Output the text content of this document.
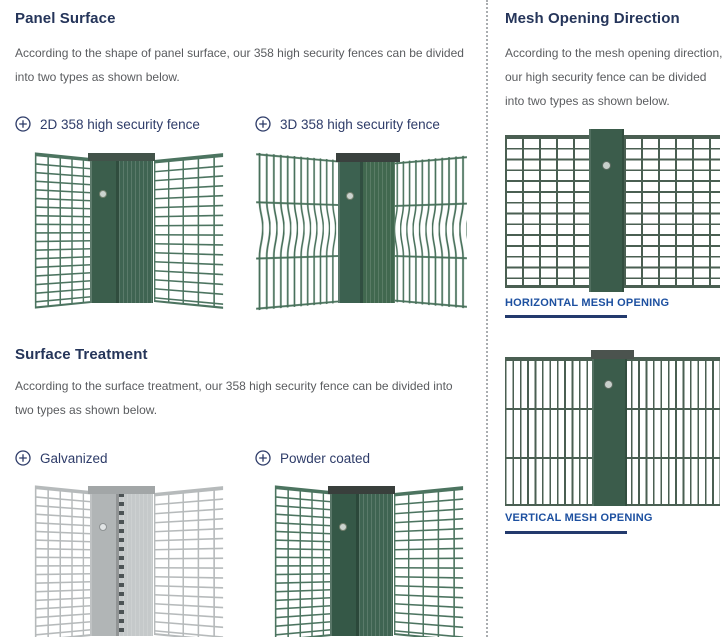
Panel Surface

According to the shape of panel surface, our 358 high security fences can be divided into two types as shown below.

2D 358 high security fence	3D 358 high security fence
Surface Treatment

According to the surface treatment, our 358 high security fence can be divided into two types as shown below.

Galvanized	Powder coated
Mesh Opening Direction

According to the mesh opening direction, our high security fence can be divided into two types as shown below.

HORIZONTAL MESH OPENING
VERTICAL MESH OPENING
